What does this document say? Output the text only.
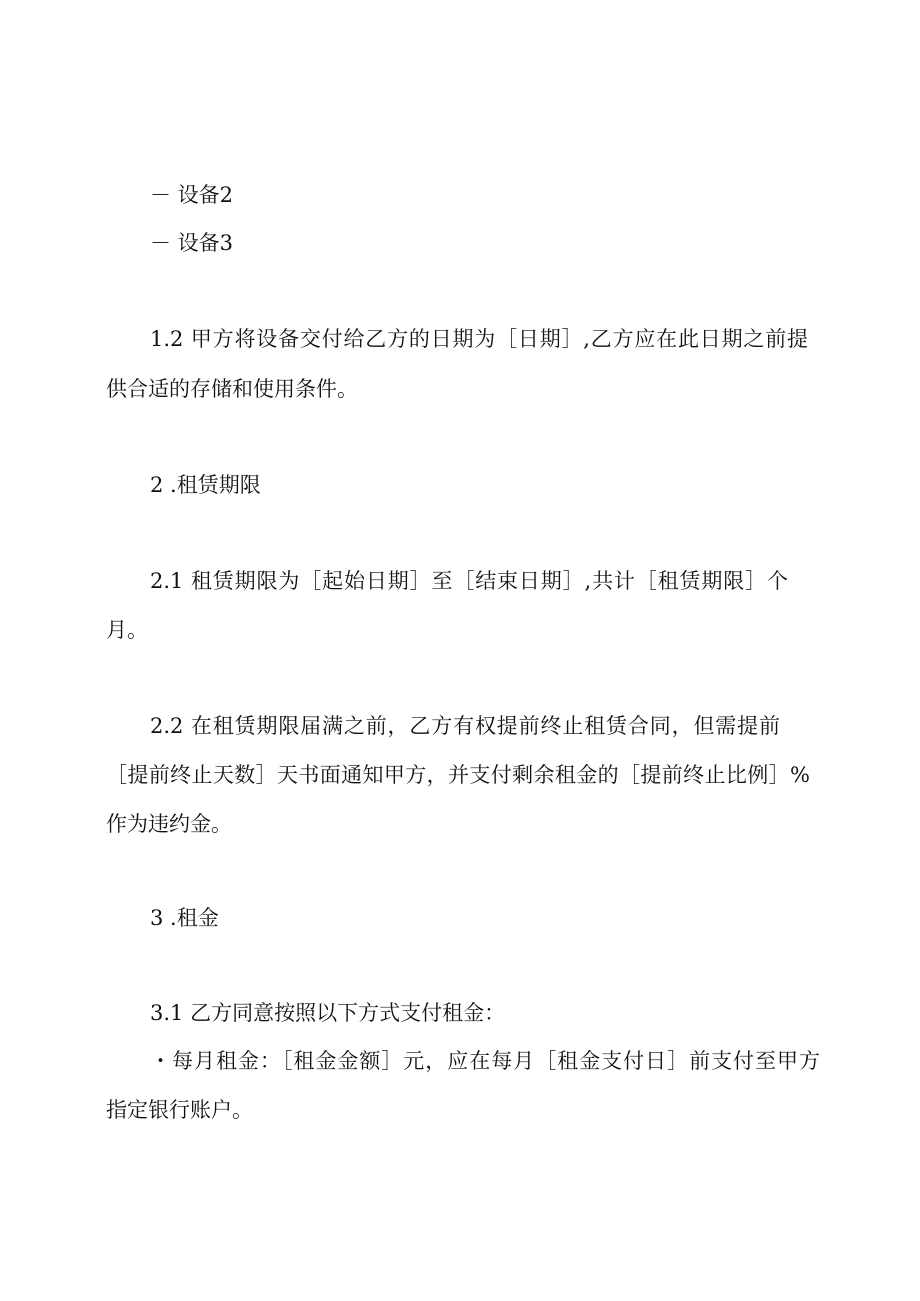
－ 设备2

－ 设备3

1.2 甲方将设备交付给乙方的日期为［日期］,乙方应在此日期之前提

供合适的存储和使用条件。

2 .租赁期限

2.1 租赁期限为［起始日期］至［结束日期］,共计［租赁期限］个

月。

2.2 在租赁期限届满之前，乙方有权提前终止租赁合同，但需提前

［提前终止天数］天书面通知甲方，并支付剩余租金的［提前终止比例］%

作为违约金。

3 .租金

3.1 乙方同意按照以下方式支付租金：

・每月租金：［租金金额］元，应在每月［租金支付日］前支付至甲方

指定银行账户。
